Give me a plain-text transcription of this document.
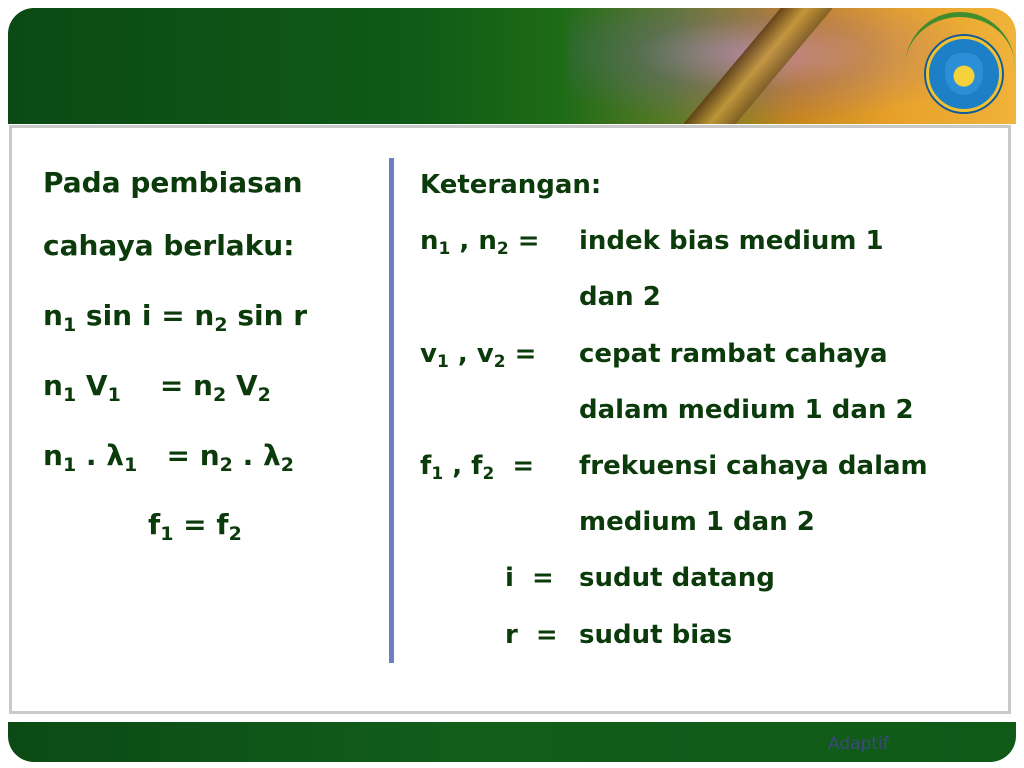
Pada pembiasan
cahaya berlaku:
$n_1$ $\sin i = n_2$ sin r
$n_1$ $V_1$    = $n_2$ $V_2$
$n_1$ . $\lambda_1 = n_2$ . $\lambda_2$
$f_1 = f_2$
Keterangan:
$n_1$ , $n_2$ = indek bias medium 1
dan 2
$v_1$ , $v_2$ = cepat rambat cahaya
dalam medium 1 dan 2
$f_1$ , $f_2$  = frekuensi cahaya dalam
medium 1 dan 2
i  = sudut datang
r  = sudut bias
Adaptif
